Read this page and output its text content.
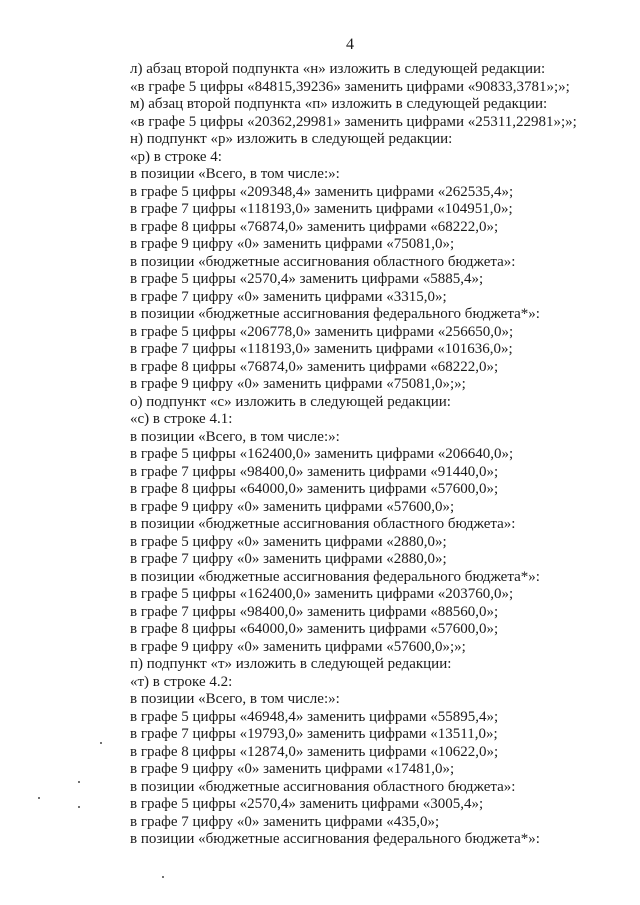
4
л) абзац второй подпункта «н» изложить в следующей редакции:
«в графе 5 цифры «84815,39236» заменить цифрами «90833,3781»;»;
м) абзац второй подпункта «п» изложить в следующей редакции:
«в графе 5 цифры «20362,29981» заменить цифрами «25311,22981»;»;
н) подпункт «р» изложить в следующей редакции:
«р) в строке 4:
в позиции «Всего, в том числе:»:
в графе 5 цифры «209348,4» заменить цифрами «262535,4»;
в графе 7 цифры «118193,0» заменить цифрами «104951,0»;
в графе 8 цифры «76874,0» заменить цифрами «68222,0»;
в графе 9 цифру «0» заменить цифрами «75081,0»;
в позиции «бюджетные ассигнования областного бюджета»:
в графе 5 цифры «2570,4» заменить цифрами «5885,4»;
в графе 7 цифру «0» заменить цифрами «3315,0»;
в позиции «бюджетные ассигнования федерального бюджета*»:
в графе 5 цифры «206778,0» заменить цифрами «256650,0»;
в графе 7 цифры «118193,0» заменить цифрами «101636,0»;
в графе 8 цифры «76874,0» заменить цифрами «68222,0»;
в графе 9 цифру «0» заменить цифрами «75081,0»;»;
о) подпункт «с» изложить в следующей редакции:
«с) в строке 4.1:
в позиции «Всего, в том числе:»:
в графе 5 цифры «162400,0» заменить цифрами «206640,0»;
в графе 7 цифры «98400,0» заменить цифрами «91440,0»;
в графе 8 цифры «64000,0» заменить цифрами «57600,0»;
в графе 9 цифру «0» заменить цифрами «57600,0»;
в позиции «бюджетные ассигнования областного бюджета»:
в графе 5 цифру «0» заменить цифрами «2880,0»;
в графе 7 цифру «0» заменить цифрами «2880,0»;
в позиции «бюджетные ассигнования федерального бюджета*»:
в графе 5 цифры «162400,0» заменить цифрами «203760,0»;
в графе 7 цифры «98400,0» заменить цифрами «88560,0»;
в графе 8 цифры «64000,0» заменить цифрами «57600,0»;
в графе 9 цифру «0» заменить цифрами «57600,0»;»;
п) подпункт «т» изложить в следующей редакции:
«т) в строке 4.2:
в позиции «Всего, в том числе:»:
в графе 5 цифры «46948,4» заменить цифрами «55895,4»;
в графе 7 цифры «19793,0» заменить цифрами «13511,0»;
в графе 8 цифры «12874,0» заменить цифрами «10622,0»;
в графе 9 цифру «0» заменить цифрами «17481,0»;
в позиции «бюджетные ассигнования областного бюджета»:
в графе 5 цифры «2570,4» заменить цифрами «3005,4»;
в графе 7 цифру «0» заменить цифрами «435,0»;
в позиции «бюджетные ассигнования федерального бюджета*»:
